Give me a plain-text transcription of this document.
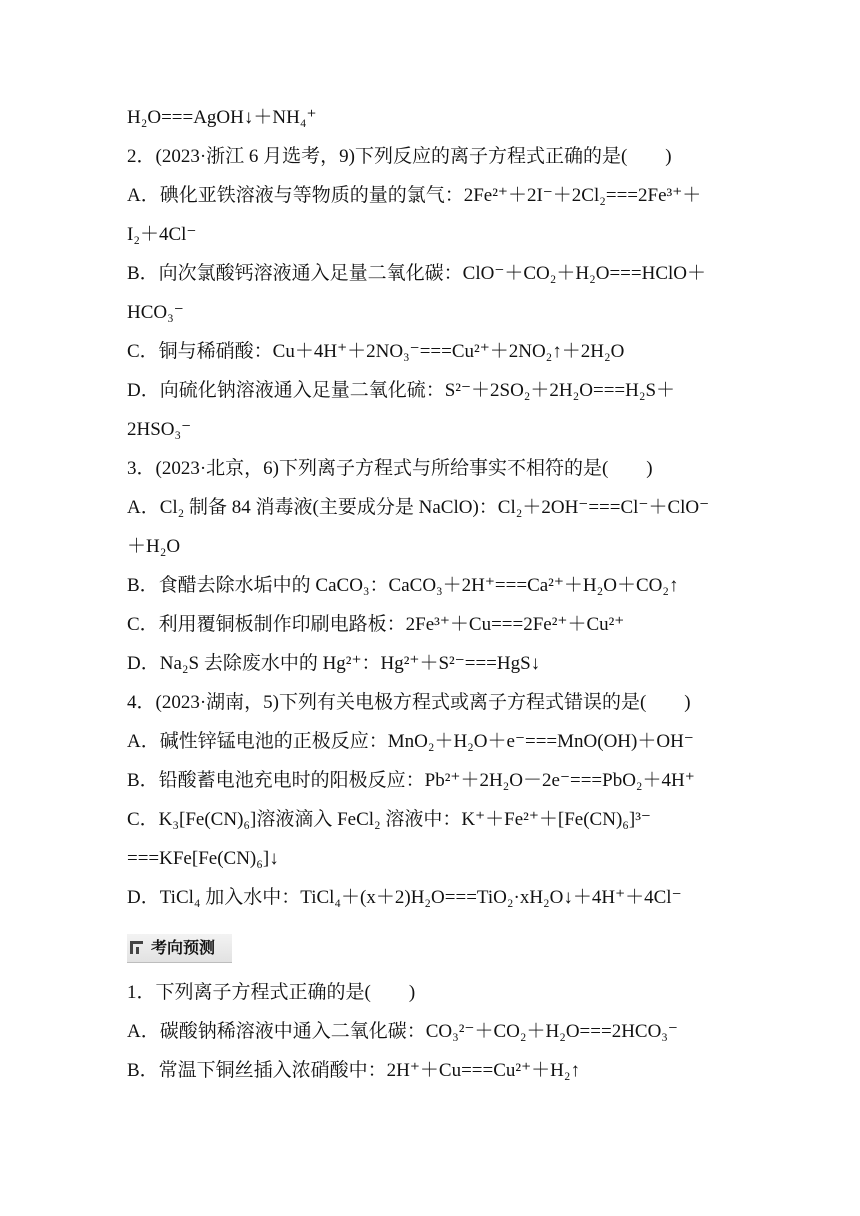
H₂O===AgOH↓＋NH₄⁺
2．(2023·浙江 6 月选考，9)下列反应的离子方程式正确的是(　　)
A．碘化亚铁溶液与等物质的量的氯气：2Fe²⁺＋2I⁻＋2Cl₂===2Fe³⁺＋
I₂＋4Cl⁻
B．向次氯酸钙溶液通入足量二氧化碳：ClO⁻＋CO₂＋H₂O===HClO＋
HCO₃⁻
C．铜与稀硝酸：Cu＋4H⁺＋2NO₃⁻===Cu²⁺＋2NO₂↑＋2H₂O
D．向硫化钠溶液通入足量二氧化硫：S²⁻＋2SO₂＋2H₂O===H₂S＋
2HSO₃⁻
3．(2023·北京，6)下列离子方程式与所给事实不相符的是(　　)
A．Cl₂ 制备 84 消毒液(主要成分是 NaClO)：Cl₂＋2OH⁻===Cl⁻＋ClO⁻
＋H₂O
B．食醋去除水垢中的 CaCO₃：CaCO₃＋2H⁺===Ca²⁺＋H₂O＋CO₂↑
C．利用覆铜板制作印刷电路板：2Fe³⁺＋Cu===2Fe²⁺＋Cu²⁺
D．Na₂S 去除废水中的 Hg²⁺：Hg²⁺＋S²⁻===HgS↓
4．(2023·湖南，5)下列有关电极方程式或离子方程式错误的是(　　)
A．碱性锌锰电池的正极反应：MnO₂＋H₂O＋e⁻===MnO(OH)＋OH⁻
B．铅酸蓄电池充电时的阳极反应：Pb²⁺＋2H₂O－2e⁻===PbO₂＋4H⁺
C．K₃[Fe(CN)₆]溶液滴入 FeCl₂ 溶液中：K⁺＋Fe²⁺＋[Fe(CN)₆]³⁻
===KFe[Fe(CN)₆]↓
D．TiCl₄ 加入水中：TiCl₄＋(x＋2)H₂O===TiO₂·xH₂O↓＋4H⁺＋4Cl⁻
考向预测
1．下列离子方程式正确的是(　　)
A．碳酸钠稀溶液中通入二氧化碳：CO₃²⁻＋CO₂＋H₂O===2HCO₃⁻
B．常温下铜丝插入浓硝酸中：2H⁺＋Cu===Cu²⁺＋H₂↑
